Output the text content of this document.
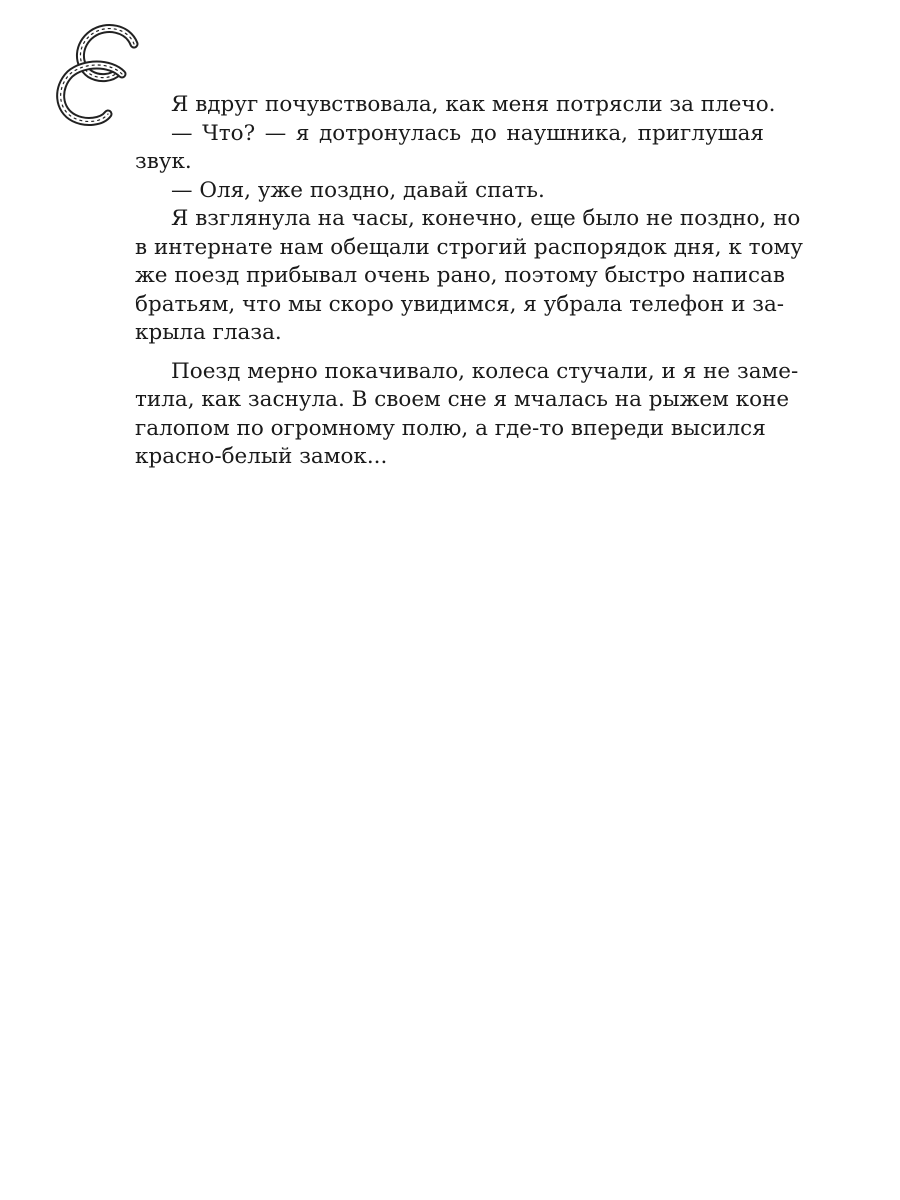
Я вдруг почувствовала, как меня потрясли за плечо.
— Что? — я дотронулась до наушника, приглушая
звук.
— Оля, уже поздно, давай спать.
Я взглянула на часы, конечно, еще было не поздно, но
в интернате нам обещали строгий распорядок дня, к тому
же поезд прибывал очень рано, поэтому быстро написав
братьям, что мы скоро увидимся, я убрала телефон и за-
крыла глаза.
Поезд мерно покачивало, колеса стучали, и я не заме-
тила, как заснула. В своем сне я мчалась на рыжем коне
галопом по огромному полю, а где-то впереди высился
красно-белый замок...
